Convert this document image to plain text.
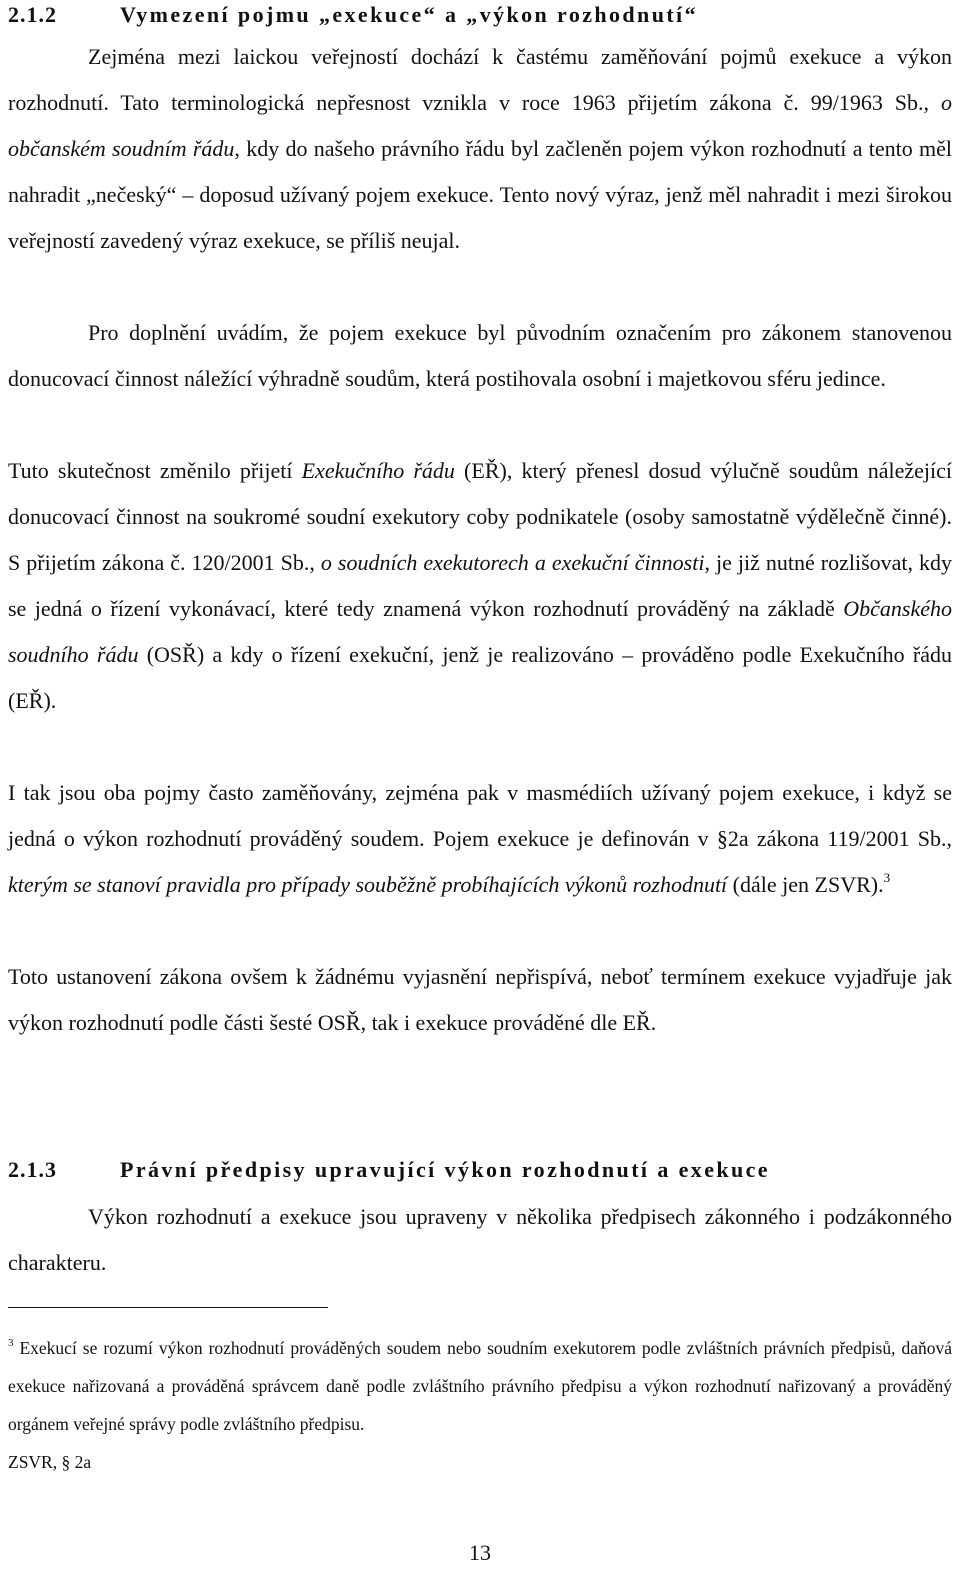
2.1.2	Vymezení pojmu „exekuce“ a „výkon rozhodnutí“

Zejména mezi laickou veřejností dochází k častému zaměňování pojmů exekuce a výkon rozhodnutí. Tato terminologická nepřesnost vznikla v roce 1963 přijetím zákona č. 99/1963 Sb., o občanském soudním řádu, kdy do našeho právního řádu byl začleněn pojem výkon rozhodnutí a tento měl nahradit „nečeský“ – doposud užívaný pojem exekuce. Tento nový výraz, jenž měl nahradit i mezi širokou veřejností zavedený výraz exekuce, se příliš neujal.

Pro doplnění uvádím, že pojem exekuce byl původním označením pro zákonem stanovenou donucovací činnost náležící výhradně soudům, která postihovala osobní i majetkovou sféru jedince.

Tuto skutečnost změnilo přijetí Exekučního řádu (EŘ), který přenesl dosud výlučně soudům náležející donucovací činnost na soukromé soudní exekutory coby podnikatele (osoby samostatně výdělečně činné). S přijetím zákona č. 120/2001 Sb., o soudních exekutorech a exekuční činnosti, je již nutné rozlišovat, kdy se jedná o řízení vykonávací, které tedy znamená výkon rozhodnutí prováděný na základě Občanského soudního řádu (OSŘ) a kdy o řízení exekuční, jenž je realizováno – prováděno podle Exekučního řádu (EŘ).

I tak jsou oba pojmy často zaměňovány, zejména pak v masmédiích užívaný pojem exekuce, i když se jedná o výkon rozhodnutí prováděný soudem. Pojem exekuce je definován v §2a zákona 119/2001 Sb., kterým se stanoví pravidla pro případy souběžně probíhajících výkonů rozhodnutí (dále jen ZSVR).$^3$

Toto ustanovení zákona ovšem k žádnému vyjasnění nepřispívá, neboť termínem exekuce vyjadřuje jak výkon rozhodnutí podle části šesté OSŘ, tak i exekuce prováděné dle EŘ.

2.1.3	Právní předpisy upravující výkon rozhodnutí a exekuce

Výkon rozhodnutí a exekuce jsou upraveny v několika předpisech zákonného i podzákonného charakteru.

$^3$ Exekucí se rozumí výkon rozhodnutí prováděných soudem nebo soudním exekutorem podle zvláštních právních předpisů, daňová exekuce nařizovaná a prováděná správcem daně podle zvláštního právního předpisu a výkon rozhodnutí nařizovaný a prováděný orgánem veřejné správy podle zvláštního předpisu.
ZSVR, § 2a

13
